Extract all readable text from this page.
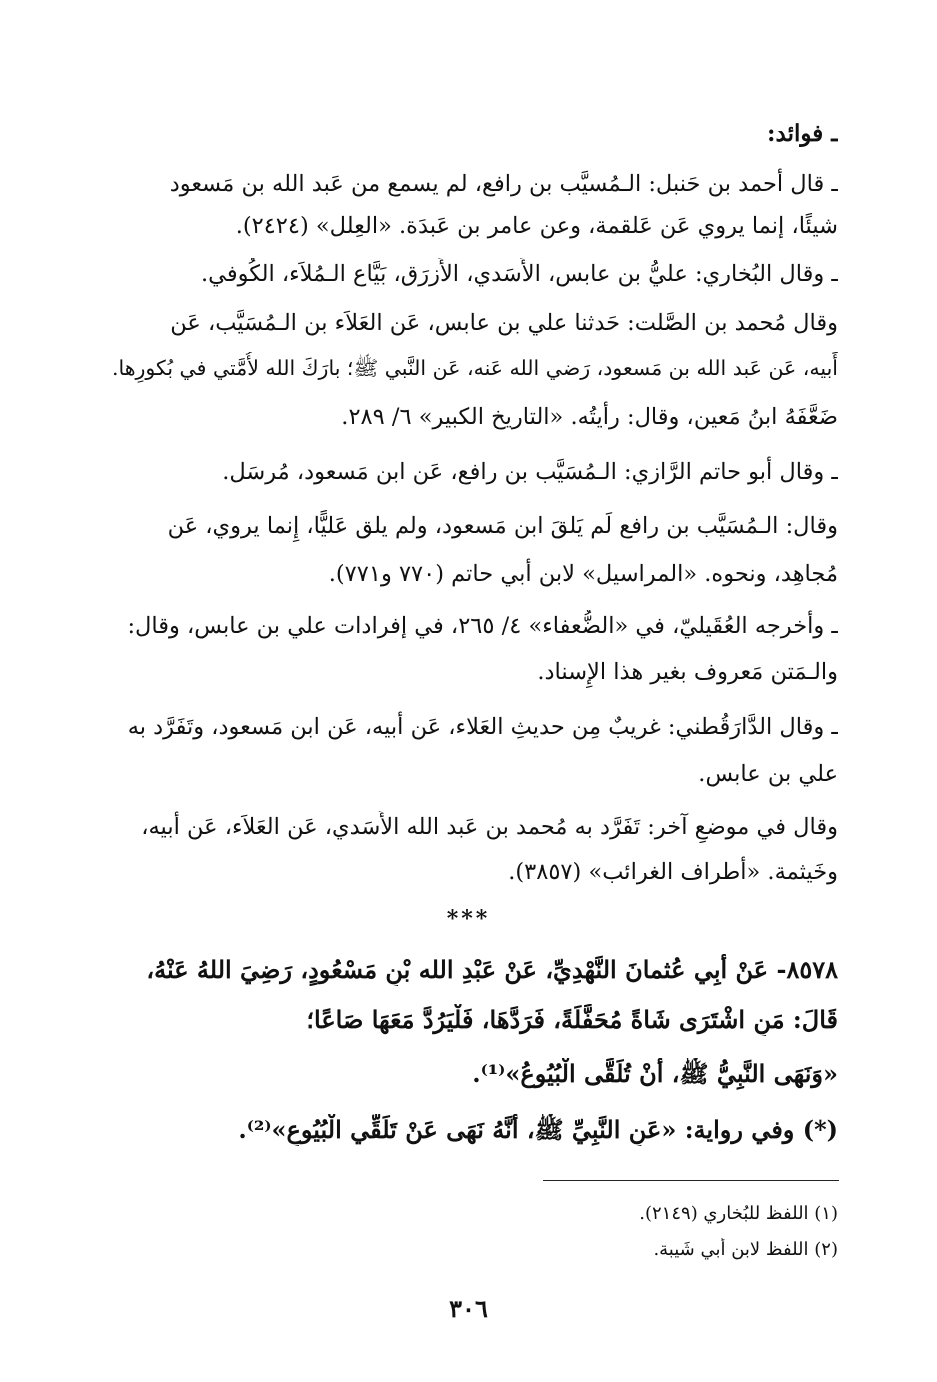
ـ فوائد:
ـ قال أحمد بن حَنبل: الـمُسيَّب بن رافع، لم يسمع من عَبد الله بن مَسعود
شيئًا، إنما يروي عَن عَلقمة، وعن عامر بن عَبدَة. «العِلل» (٢٤٢٤).
ـ وقال البُخاري: عليُّ بن عابس، الأَسَدي، الأَزرَق، بَيَّاع الـمُلاَء، الكُوفي.
وقال مُحمد بن الصَّلت: حَدثنا علي بن عابس، عَن العَلاَء بن الـمُسَيَّب، عَن
أَبيه، عَن عَبد الله بن مَسعود، رَضي الله عَنه، عَن النَّبي ﷺ؛ بارَكَ الله لأُمَّتي في بُكورِها.
ضَعَّفَهُ ابنُ مَعين، وقال: رأَيتُه. «التاريخ الكبير» ٦/ ٢٨٩.
ـ وقال أَبو حاتم الرَّازي: الـمُسَيَّب بن رافع، عَن ابن مَسعود، مُرسَل.
وقال: الـمُسَيَّب بن رافع لَم يَلقَ ابن مَسعود، ولم يلق عَليًّا، إِنما يروي، عَن
مُجاهِد، ونحوه. «المراسيل» لابن أَبي حاتم (٧٧٠ و٧٧١).
ـ وأَخرجه العُقَيليّ، في «الضُّعفاء» ٤/ ٢٦٥، في إفرادات علي بن عابس، وقال:
والـمَتن مَعروف بغير هذا الإِسناد.
ـ وقال الدَّارَقُطني: غريبٌ مِن حديثِ العَلاء، عَن أَبيه، عَن ابن مَسعود، وتَفَرَّد به
علي بن عابس.
وقال في موضعٍ آخر: تَفَرَّد به مُحمد بن عَبد الله الأَسَدي، عَن العَلاَء، عَن أَبيه،
وخَيثمة. «أَطراف الغرائب» (٣٨٥٧).
***
٨٥٧٨- عَنْ أَبِي عُثمانَ النَّهْدِيِّ، عَنْ عَبْدِ الله بْنِ مَسْعُودٍ، رَضِيَ اللهُ عَنْهُ،
قَالَ: مَنِ اشْتَرَى شَاةً مُحَفَّلَةً، فَرَدَّهَا، فَلْيَرُدَّ مَعَهَا صَاعًا؛
«وَنَهَى النَّبِيُّ ﷺ، أَنْ تُلَقَّى الْبُيُوعُ»⁽¹⁾.
(*) وفي رواية: «عَنِ النَّبِيِّ ﷺ، أَنَّهُ نَهَى عَنْ تَلَقِّي الْبُيُوعِ»⁽²⁾.
(١) اللفظ للبُخاري (٢١٤٩).
(٢) اللفظ لابن أَبي شَيبة.
٣٠٦
